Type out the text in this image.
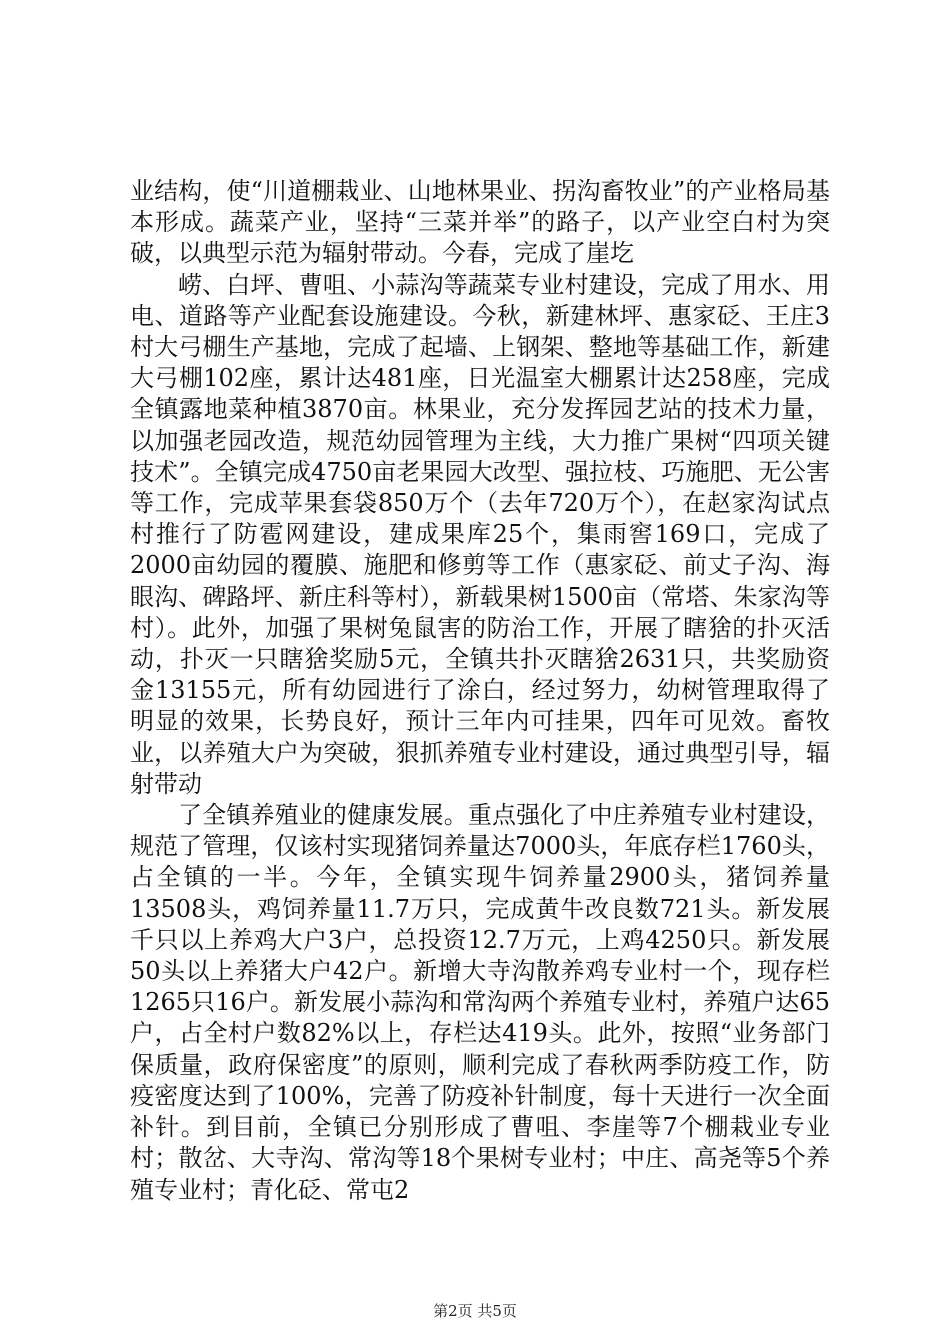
业结构，使“川道棚栽业、山地林果业、拐沟畜牧业”的产业格局基本形成。蔬菜产业，坚持“三菜并举”的路子，以产业空白村为突破，以典型示范为辐射带动。今春，完成了崖圪

崂、白坪、曹咀、小蒜沟等蔬菜专业村建设，完成了用水、用电、道路等产业配套设施建设。今秋，新建林坪、惠家砭、王庄3村大弓棚生产基地，完成了起墙、上钢架、整地等基础工作，新建大弓棚102座，累计达481座，日光温室大棚累计达258座，完成全镇露地菜种植3870亩。林果业，充分发挥园艺站的技术力量，以加强老园改造，规范幼园管理为主线，大力推广果树“四项关键技术”。全镇完成4750亩老果园大改型、强拉枝、巧施肥、无公害等工作，完成苹果套袋850万个（去年720万个），在赵家沟试点村推行了防雹网建设，建成果库25个，集雨窖169口，完成了2000亩幼园的覆膜、施肥和修剪等工作（惠家砭、前丈子沟、海眼沟、碑路坪、新庄科等村），新载果树1500亩（常塔、朱家沟等村）。此外，加强了果树兔鼠害的防治工作，开展了瞎猞的扑灭活动，扑灭一只瞎猞奖励5元，全镇共扑灭瞎猞2631只，共奖励资金13155元，所有幼园进行了涂白，经过努力，幼树管理取得了明显的效果，长势良好，预计三年内可挂果，四年可见效。畜牧业，以养殖大户为突破，狠抓养殖专业村建设，通过典型引导，辐射带动

了全镇养殖业的健康发展。重点强化了中庄养殖专业村建设，规范了管理，仅该村实现猪饲养量达7000头，年底存栏1760头，占全镇的一半。今年，全镇实现牛饲养量2900头，猪饲养量13508头，鸡饲养量11.7万只，完成黄牛改良数721头。新发展千只以上养鸡大户3户，总投资12.7万元，上鸡4250只。新发展50头以上养猪大户42户。新增大寺沟散养鸡专业村一个，现存栏1265只16户。新发展小蒜沟和常沟两个养殖专业村，养殖户达65户，占全村户数82%以上，存栏达419头。此外，按照“业务部门保质量，政府保密度”的原则，顺利完成了春秋两季防疫工作，防疫密度达到了100%，完善了防疫补针制度，每十天进行一次全面补针。到目前，全镇已分别形成了曹咀、李崖等7个棚栽业专业村；散岔、大寺沟、常沟等18个果树专业村；中庄、高尧等5个养殖专业村；青化砭、常屯2

第2页 共5页
